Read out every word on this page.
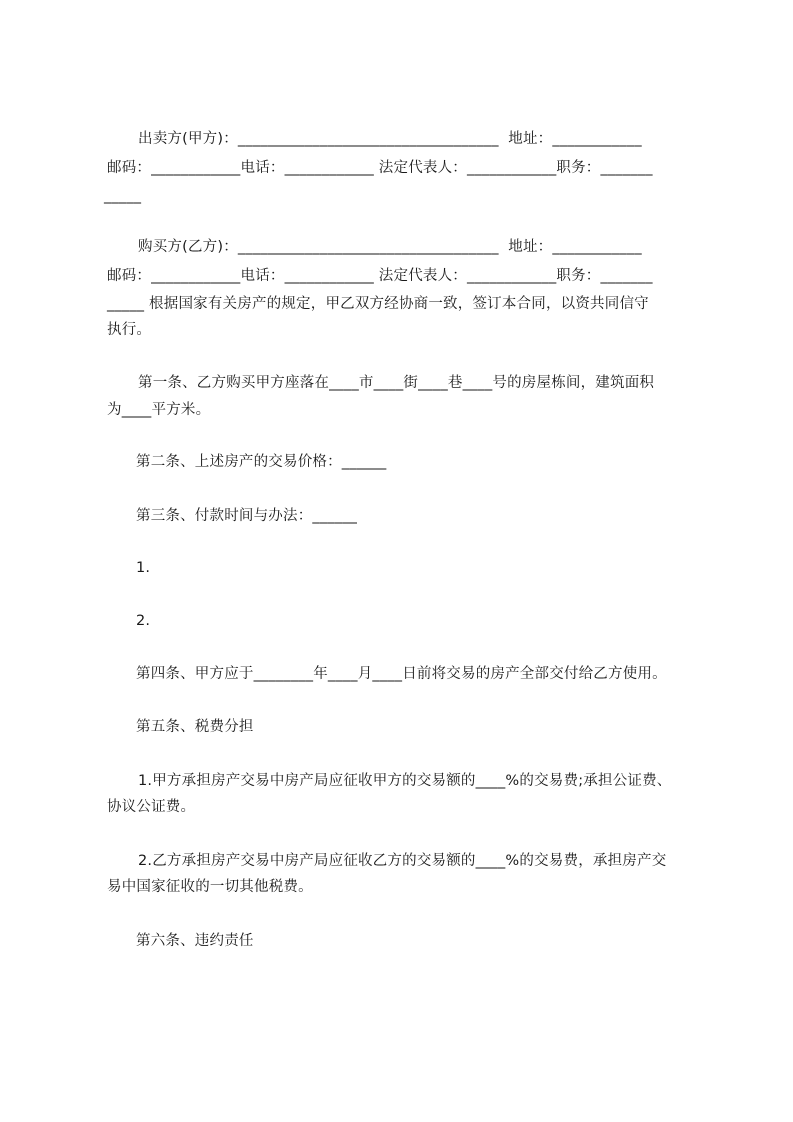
出卖方(甲方)：___________________________________  地址：____________
邮码：____________电话：____________ 法定代表人：____________职务：_______
_____
购买方(乙方)：___________________________________  地址：____________
邮码：____________电话：____________ 法定代表人：____________职务：_______
_____ 根据国家有关房产的规定，甲乙双方经协商一致，签订本合同，以资共同信守
执行。
第一条、乙方购买甲方座落在____市____街____巷____号的房屋栋间，建筑面积
为____平方米。
第二条、上述房产的交易价格：______
第三条、付款时间与办法：______
1.
2.
第四条、甲方应于________年____月____日前将交易的房产全部交付给乙方使用。
第五条、税费分担
1.甲方承担房产交易中房产局应征收甲方的交易额的____%的交易费;承担公证费、
协议公证费。
2.乙方承担房产交易中房产局应征收乙方的交易额的____%的交易费，承担房产交
易中国家征收的一切其他税费。
第六条、违约责任
